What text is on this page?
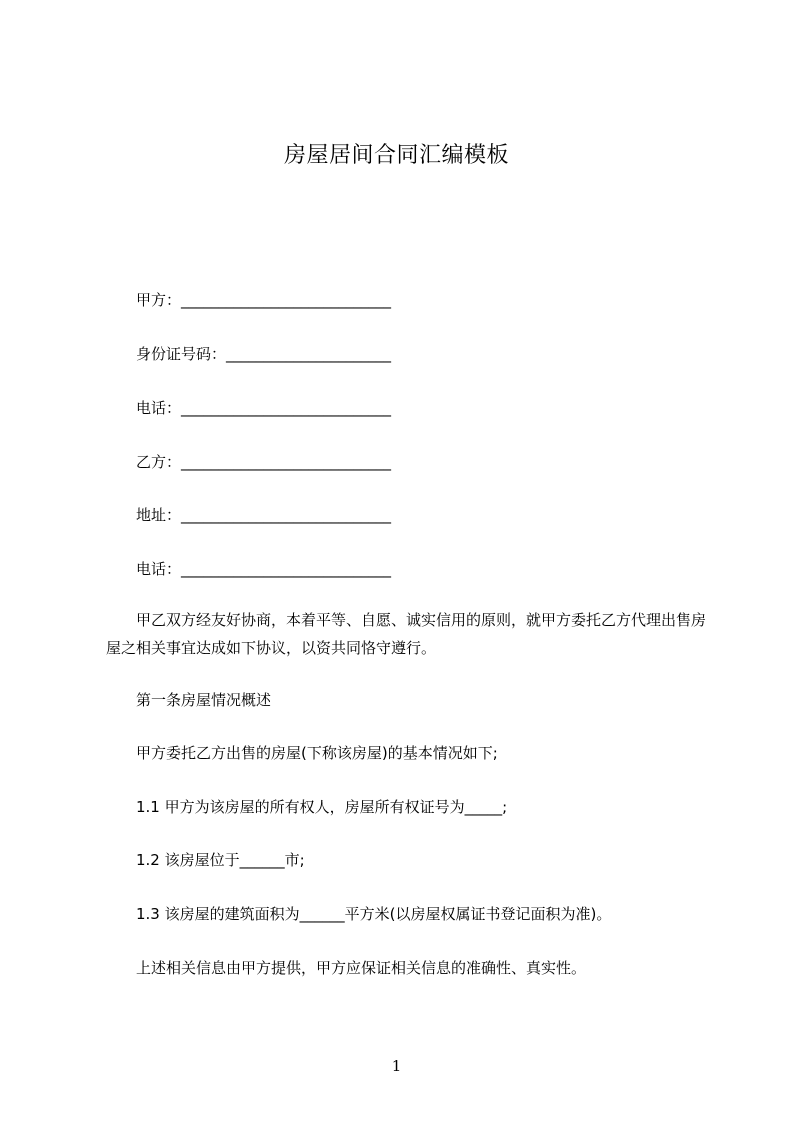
房屋居间合同汇编模板
甲方：____________________________
身份证号码：______________________
电话：____________________________
乙方：____________________________
地址：____________________________
电话：____________________________
甲乙双方经友好协商，本着平等、自愿、诚实信用的原则，就甲方委托乙方代理出售房屋之相关事宜达成如下协议，以资共同恪守遵行。
第一条房屋情况概述
甲方委托乙方出售的房屋(下称该房屋)的基本情况如下;
1.1 甲方为该房屋的所有权人，房屋所有权证号为_____;
1.2 该房屋位于______市;
1.3 该房屋的建筑面积为______平方米(以房屋权属证书登记面积为准)。
上述相关信息由甲方提供，甲方应保证相关信息的准确性、真实性。
1
